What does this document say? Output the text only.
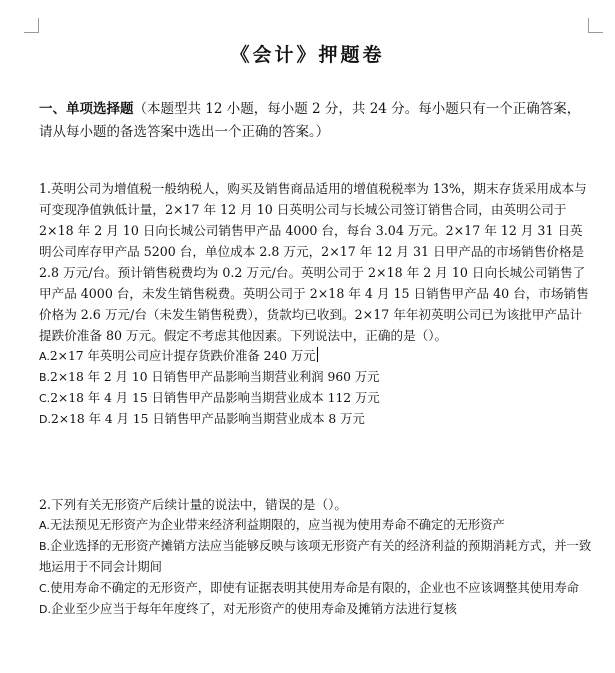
《会计》押题卷
一、单项选择题（本题型共 12 小题，每小题 2 分，共 24 分。每小题只有一个正确答案，请从每小题的备选答案中选出一个正确的答案。）

1.英明公司为增值税一般纳税人，购买及销售商品适用的增值税税率为 13%，期末存货采用成本与可变现净值孰低计量，2×17 年 12 月 10 日英明公司与长城公司签订销售合同，由英明公司于 2×18 年 2 月 10 日向长城公司销售甲产品 4000 台，每台 3.04 万元。2×17 年 12 月 31 日英明公司库存甲产品 5200 台，单位成本 2.8 万元，2×17 年 12 月 31 日甲产品的市场销售价格是 2.8 万元/台。预计销售税费均为 0.2 万元/台。英明公司于 2×18 年 2 月 10 日向长城公司销售了甲产品 4000 台，未发生销售税费。英明公司于 2×18 年 4 月 15 日销售甲产品 40 台，市场销售价格为 2.6 万元/台（未发生销售税费），货款均已收到。2×17 年年初英明公司已为该批甲产品计提跌价准备 80 万元。假定不考虑其他因素。下列说法中，正确的是（）。

A.2×17 年英明公司应计提存货跌价准备 240 万元

B.2×18 年 2 月 10 日销售甲产品影响当期营业利润 960 万元

C.2×18 年 4 月 15 日销售甲产品影响当期营业成本 112 万元

D.2×18 年 4 月 15 日销售甲产品影响当期营业成本 8 万元

2.下列有关无形资产后续计量的说法中，错误的是（）。

A.无法预见无形资产为企业带来经济利益期限的，应当视为使用寿命不确定的无形资产

B.企业选择的无形资产摊销方法应当能够反映与该项无形资产有关的经济利益的预期消耗方式，并一致地运用于不同会计期间

C.使用寿命不确定的无形资产，即使有证据表明其使用寿命是有限的，企业也不应该调整其使用寿命

D.企业至少应当于每年年度终了，对无形资产的使用寿命及摊销方法进行复核
